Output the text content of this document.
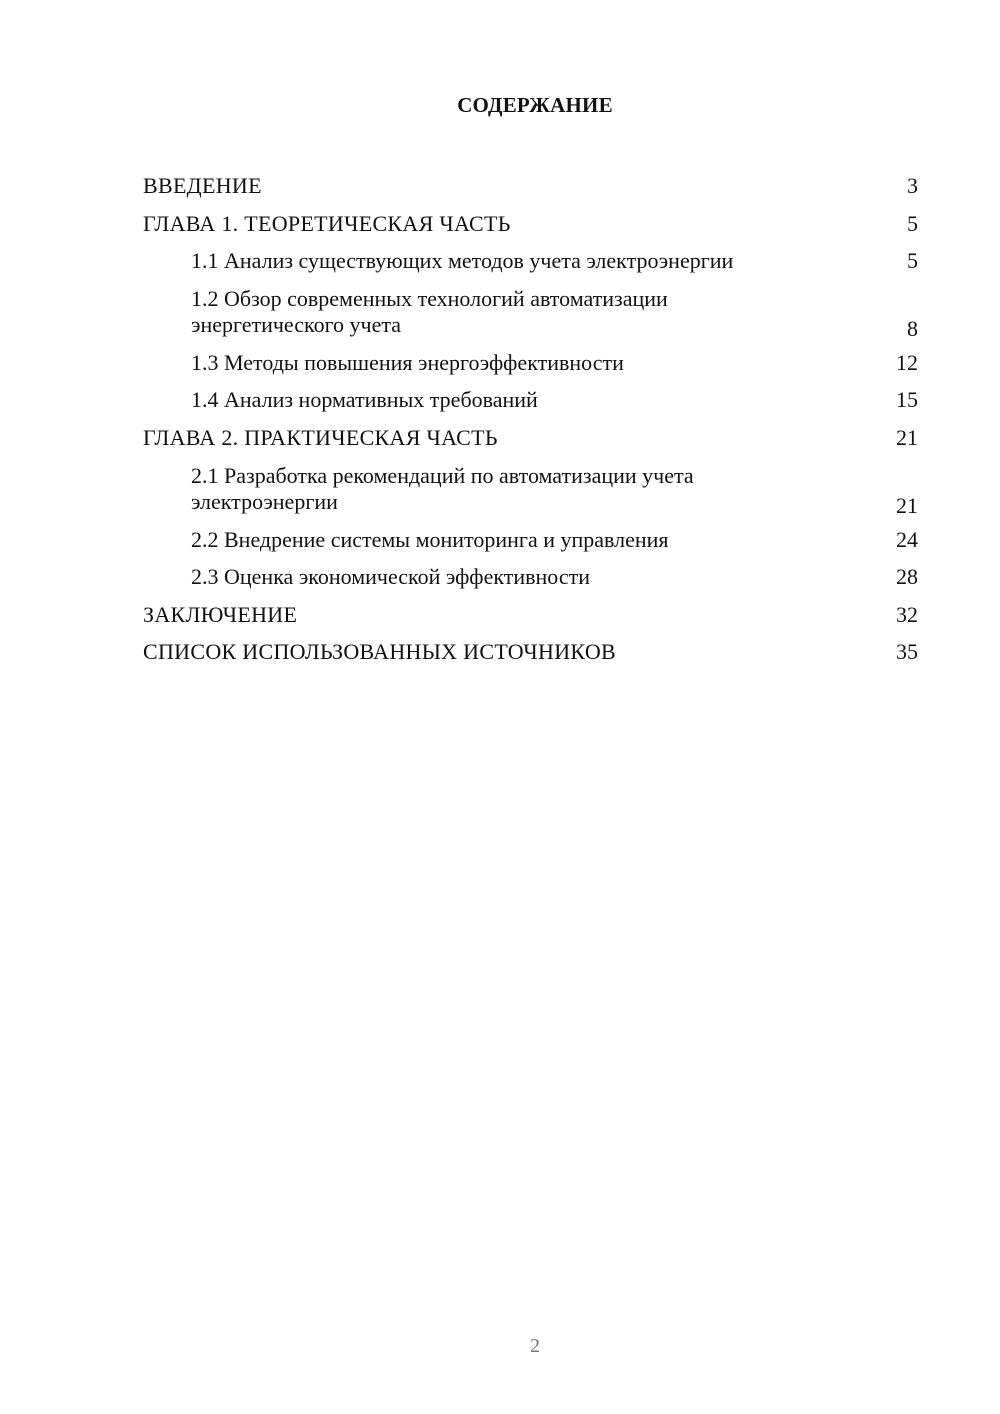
СОДЕРЖАНИЕ
ВВЕДЕНИЕ	3
ГЛАВА 1. ТЕОРЕТИЧЕСКАЯ ЧАСТЬ	5
1.1 Анализ существующих методов учета электроэнергии	5
1.2 Обзор современных технологий автоматизации энергетического учета	8
1.3 Методы повышения энергоэффективности	12
1.4 Анализ нормативных требований	15
ГЛАВА 2. ПРАКТИЧЕСКАЯ ЧАСТЬ	21
2.1 Разработка рекомендаций по автоматизации учета электроэнергии	21
2.2 Внедрение системы мониторинга и управления	24
2.3 Оценка экономической эффективности	28
ЗАКЛЮЧЕНИЕ	32
СПИСОК ИСПОЛЬЗОВАННЫХ ИСТОЧНИКОВ	35
2
